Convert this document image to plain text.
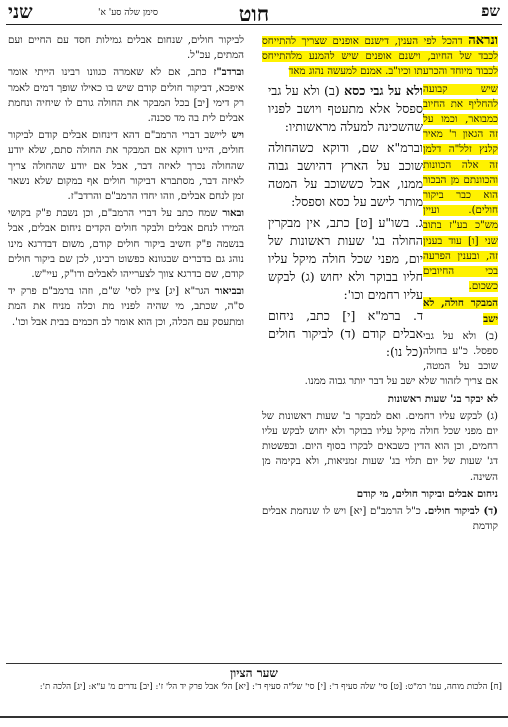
שפ
חוט
סימן שלה סע' א'
שני

ונראה דהכל לפי הענין, דישנם אופנים שצריך להתייחס לכבד של החיוב, וישנם אופנים שיש להמנע מלהתייחס לכבוד מיוחד והכרעתו וכיו"ב. אמנם למעשה נהוג מאד

ולא על גבי כסא (ב) ולא על גבי ספסל אלא מתעטף ויושב לפניו שהשכינה למעלה מראשותיו:

וברמ"א שם, ודוקא כשהחולה שוכב על הארץ דהיושב גבוה ממנו, אבל כששוכב על המטה מותר לישב על כסא וספסל:

ג. בשו"ע [ט] כתב, אין מבקרין החולה בג' שעות ראשונות של יום, מפני שכל חולה מיקל עליו חליו בבוקר ולא יחוש (ג) לבקש עליו רחמים וכו':

ד. ברמ"א [י] כתב, ניחום אבלים קודם (ד) לביקור חולים (כל נו):

שיש קבועה להחליף את החיוב כמבואר, וכמו על זה הגאון ר' מאיר קלנץ זלל"ה דלמן זה אלה הכוונות והכוונתם מן הבכור הוא כבר ביקור חולים). ועיין מש"כ בע"ז בתוב שני [ו] עוד בענין זה, ובענין הפרעה בכי החיובים כשכום.

המבקר חולה, לא ישב

(ב) ולא על גבי ספסל. כ"ע בחולה שוכב על המטה, אם צריך לזהור שלא ישב על דבר יותר גבוה ממנו.

לא יבקר בג' שעות ראשונות

(ג) לבקש עליו רחמים. ואם למבקר ב' שעות ראשונות של יום מפני שכל חולה מיקל עליו בבוקר ולא יחוש לבקש עליו רחמים, וכן הוא הדין כשבאים לבקרו בסוף היום. ובפשטות דג' שעות של יום תלוי בג' שעות זמניאות, ולא בקימה מן השינה.

ניחום אבלים וביקור חולים, מי קודם

(ד) לביקור חולים. כ"ל הרמב"ם [יא] ויש לו שנחמת אבלים קודמת

לביקור חולים, שנחום אבלים גמילות חסד עם החיים ועם המתים, עכ"ל.

וברדב"ז כתב, אם לא שאמרה כגוונו רבינו הייתי אומר איפכא, דביקור חולים קודם שיש בו כאילו שופך דמים לאמר רק דימי [יב] בכל המבקר את החולה גורם לו שיחיה ונחמת אבלים לית בה מד סכנה.

ויש ליישב דברי הרמב"ם דהא דינחום אבלים קודם לביקור חולים, היינו דווקא אם המבקר את החולה סתם, שלא יודע שהחולה נכרך לאיזה דבר, אבל אם יודע שהחולה צריך לאיזה דבר, מסתברא דביקור חולים אף במקום שלא נשאר זמן לנחם אבלים, וזהו יחדו הרמב"ם והרדב"ז.

ובאור שמח כתב על דברי הרמב"ם, וכן נשבת פ"ק בקושי המירו לנחם אבלים ולבקר חולים הקדים ניחום אבלים, אבל בנשמה פ"ק חשיב ביקור חולים קודם, משום דבדרגא מינו נוהג גם בדברים שבגוונא כפשוט רבינו, לכן שם ביקור חולים קודם, שם בדרגא צווך לצערייהו לאבלים ודו"ק, עיי"ש.

ובביאור הגר"א [יג] ציין לסי' ש"ם, וזהו ברמב"ם פרק יד ס"ה, שכתב, מי שהיה לפניו מת וכלה מניח את המת ומתעסק עם הכלה, וכן הוא אומר לב חכמים בבית אבל וכו'.

שער הציון
[ח] הלכות מוחה, עמ' רמ"ט: [ט] סי' שלה סעיף ד': [י] סי' של"ה סעיף ד': [יא] הל' אבל פרק יד הל' ז': [יב] נדרים מ' ע"א: [יג] הלכה ת':
